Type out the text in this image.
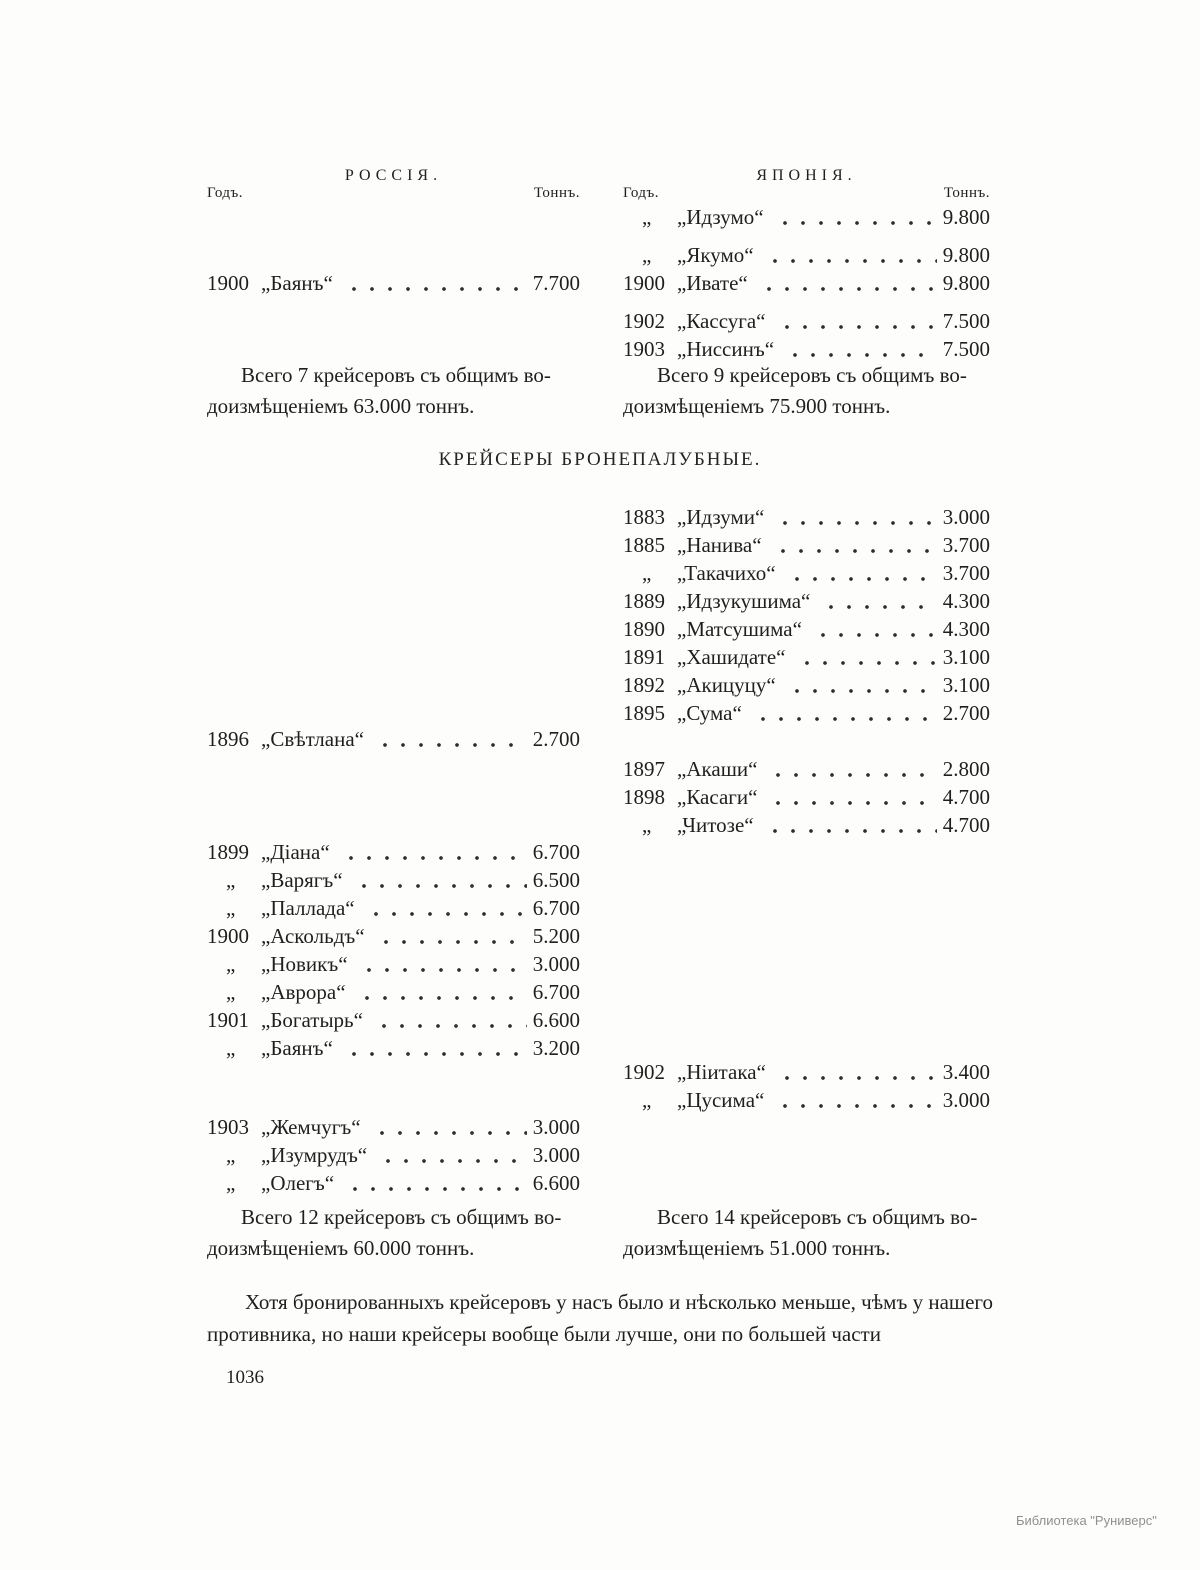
РОССІЯ.
Годъ.	Тоннъ.
ЯПОНІЯ.
Годъ.	Тоннъ.
1900 „Баянъ“	7.700
„	„Идзумо“	9.800
„	„Якумо“	9.800
1900 „Ивате“	9.800
1902 „Кассуга“	7.500
1903 „Ниссинъ“	7.500
Всего 7 крейсеровъ съ общимъ во-
доизмѣщеніемъ 63.000 тоннъ.
Всего 9 крейсеровъ съ общимъ во-
доизмѣщеніемъ 75.900 тоннъ.
КРЕЙСЕРЫ БРОНЕПАЛУБНЫЕ.
1883 „Идзуми“	3.000
1885 „Нанива“	3.700
„	„Такачихо“	3.700
1889 „Идзукушима“	4.300
1890 „Матсушима“	4.300
1891 „Хашидате“	3.100
1892 „Акицуцу“	3.100
1895 „Сума“	2.700
1897 „Акаши“	2.800
1898 „Касаги“	4.700
„	„Читозе“	4.700
1902 „Ніитака“	3.400
„	„Цусима“	3.000
1896 „Свѣтлана“	2.700
1899 „Діана“	6.700
„	„Варягъ“	6.500
„	„Паллада“	6.700
1900 „Аскольдъ“	5.200
„	„Новикъ“	3.000
„	„Аврора“	6.700
1901 „Богатырь“	6.600
„	„Баянъ“	3.200
1903 „Жемчугъ“	3.000
„	„Изумрудъ“	3.000
„	„Олегъ“	6.600
Всего 12 крейсеровъ съ общимъ во-
доизмѣщеніемъ 60.000 тоннъ.
Всего 14 крейсеровъ съ общимъ во-
доизмѣщеніемъ 51.000 тоннъ.

Хотя бронированныхъ крейсеровъ у насъ было и нѣсколько меньше, чѣмъ у нашего противника, но наши крейсеры вообще были лучше, они по большей части

1036
Библиотека "Руниверс"
